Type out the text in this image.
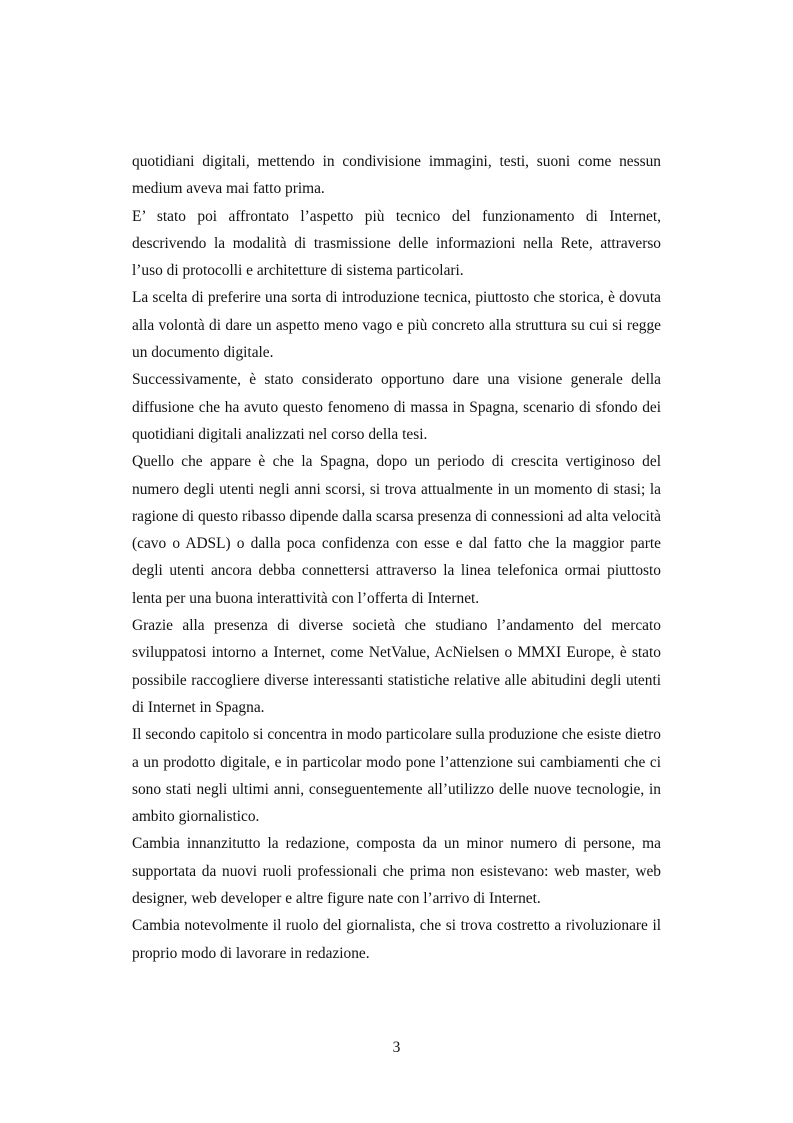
quotidiani digitali, mettendo in condivisione immagini, testi, suoni come nessun medium aveva mai fatto prima.

E’ stato poi affrontato l’aspetto più tecnico del funzionamento di Internet, descrivendo la modalità di trasmissione delle informazioni nella Rete, attraverso l’uso di protocolli e architetture di sistema particolari.

La scelta di preferire una sorta di introduzione tecnica, piuttosto che storica, è dovuta alla volontà di dare un aspetto meno vago e più concreto alla struttura su cui si regge un documento digitale.

Successivamente, è stato considerato opportuno dare una visione generale della diffusione che ha avuto questo fenomeno di massa in Spagna, scenario di sfondo dei quotidiani digitali analizzati nel corso della tesi.

Quello che appare è che la Spagna, dopo un periodo di crescita vertiginoso del numero degli utenti negli anni scorsi, si trova attualmente in un momento di stasi; la ragione di questo ribasso dipende dalla scarsa presenza di connessioni ad alta velocità (cavo o ADSL) o dalla poca confidenza con esse e dal fatto che la maggior parte degli utenti ancora debba connettersi attraverso la linea telefonica ormai piuttosto lenta per una buona interattività con l’offerta di Internet.

Grazie alla presenza di diverse società che studiano l’andamento del mercato sviluppatosi intorno a Internet, come NetValue, AcNielsen o MMXI Europe, è stato possibile raccogliere diverse interessanti statistiche relative alle abitudini degli utenti di Internet in Spagna.

Il secondo capitolo si concentra in modo particolare sulla produzione che esiste dietro a un prodotto digitale, e in particolar modo pone l’attenzione sui cambiamenti che ci sono stati negli ultimi anni, conseguentemente all’utilizzo delle nuove tecnologie, in ambito giornalistico.

Cambia innanzitutto la redazione, composta da un minor numero di persone, ma supportata da nuovi ruoli professionali che prima non esistevano: web master, web designer, web developer e altre figure nate con l’arrivo di Internet.

Cambia notevolmente il ruolo del giornalista, che si trova costretto a rivoluzionare il proprio modo di lavorare in redazione.

3
